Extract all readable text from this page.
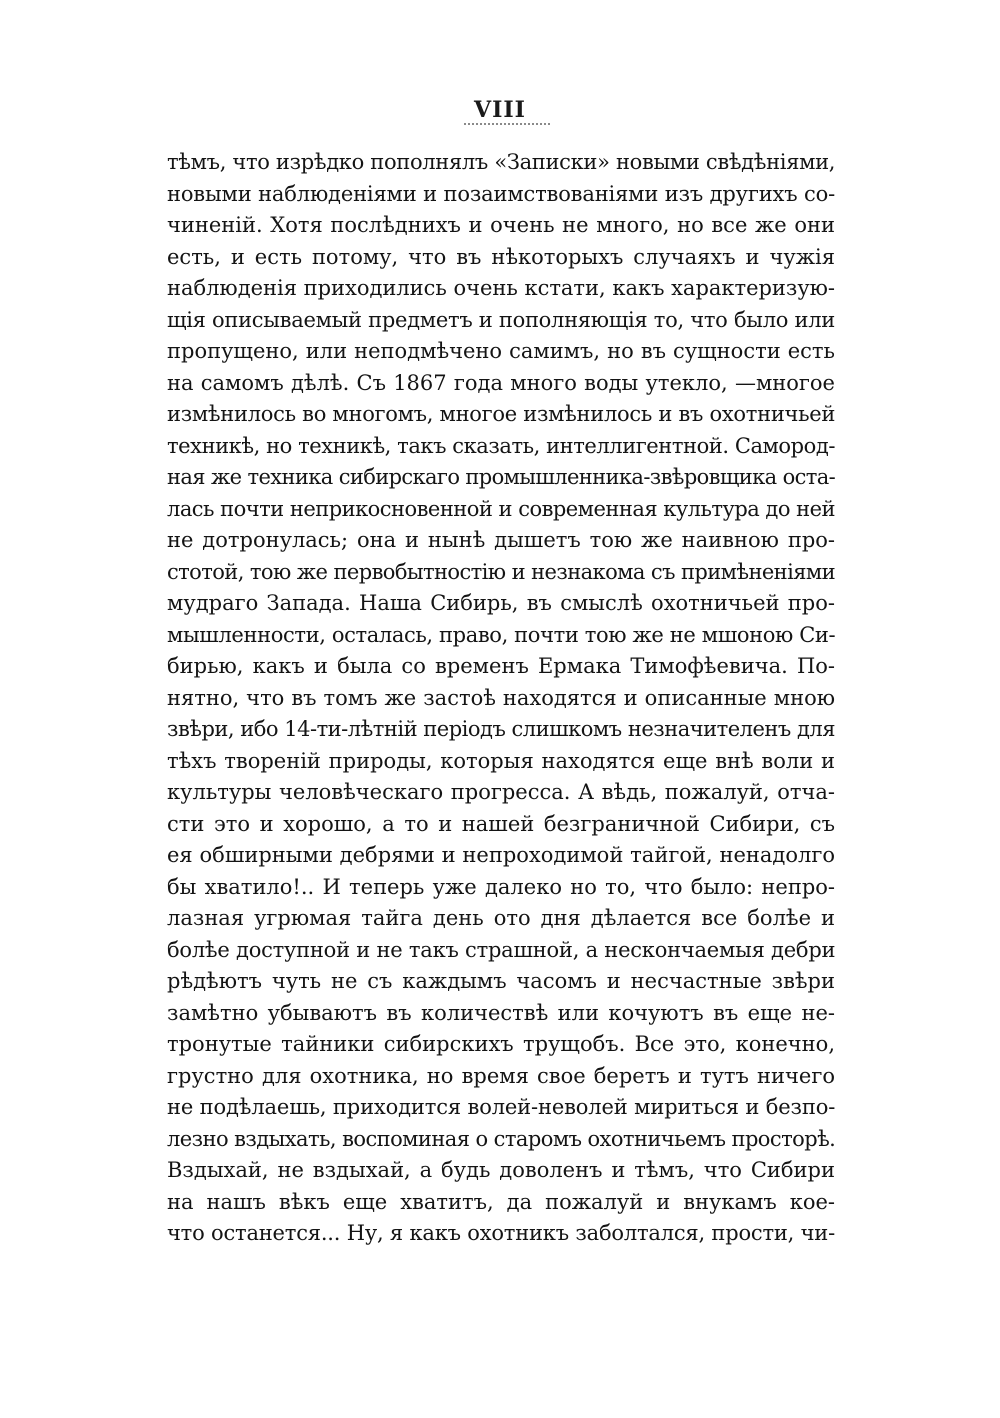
VIII
тѣмъ, что изрѣдко пополнялъ «Записки» новыми свѣдѣніями,
новыми наблюденіями и позаимствованіями изъ другихъ со-
чиненій. Хотя послѣднихъ и очень не много, но все же они
есть, и есть потому, что въ нѣкоторыхъ случаяхъ и чужія
наблюденія приходились очень кстати, какъ характеризую-
щія описываемый предметъ и пополняющія то, что было или
пропущено, или неподмѣчено самимъ, но въ сущности есть
на самомъ дѣлѣ. Съ 1867 года много воды утекло, —многое
измѣнилось во многомъ, многое измѣнилось и въ охотничьей
техникѣ, но техникѣ, такъ сказать, интеллигентной. Самород-
ная же техника сибирскаго промышленника-звѣровщика оста-
лась почти неприкосновенной и современная культура до ней
не дотронулась; она и нынѣ дышетъ тою же наивною про-
стотой, тою же первобытностію и незнакома съ примѣненіями
мудраго Запада. Наша Сибирь, въ смыслѣ охотничьей про-
мышленности, осталась, право, почти тою же не мшоною Си-
бирью, какъ и была со временъ Ермака Тимофѣевича. По-
нятно, что въ томъ же застоѣ находятся и описанные мною
звѣри, ибо 14-ти-лѣтній періодъ слишкомъ незначителенъ для
тѣхъ твореній природы, которыя находятся еще внѣ воли и
культуры человѣческаго прогресса. А вѣдь, пожалуй, отча-
сти это и хорошо, а то и нашей безграничной Сибири, съ
ея обширными дебрями и непроходимой тайгой, ненадолго
бы хватило!.. И теперь уже далеко но то, что было: непро-
лазная угрюмая тайга день ото дня дѣлается все болѣе и
болѣе доступной и не такъ страшной, а нескончаемыя дебри
рѣдѣютъ чуть не съ каждымъ часомъ и несчастные звѣри
замѣтно убываютъ въ количествѣ или кочуютъ въ еще не-
тронутые тайники сибирскихъ трущобъ. Все это, конечно,
грустно для охотника, но время свое беретъ и тутъ ничего
не подѣлаешь, приходится волей-неволей мириться и безпо-
лезно вздыхать, воспоминая о старомъ охотничьемъ просторѣ.
Вздыхай, не вздыхай, а будь доволенъ и тѣмъ, что Сибири
на нашъ вѣкъ еще хватитъ, да пожалуй и внукамъ кое-
что останется... Ну, я какъ охотникъ заболтался, прости, чи-
